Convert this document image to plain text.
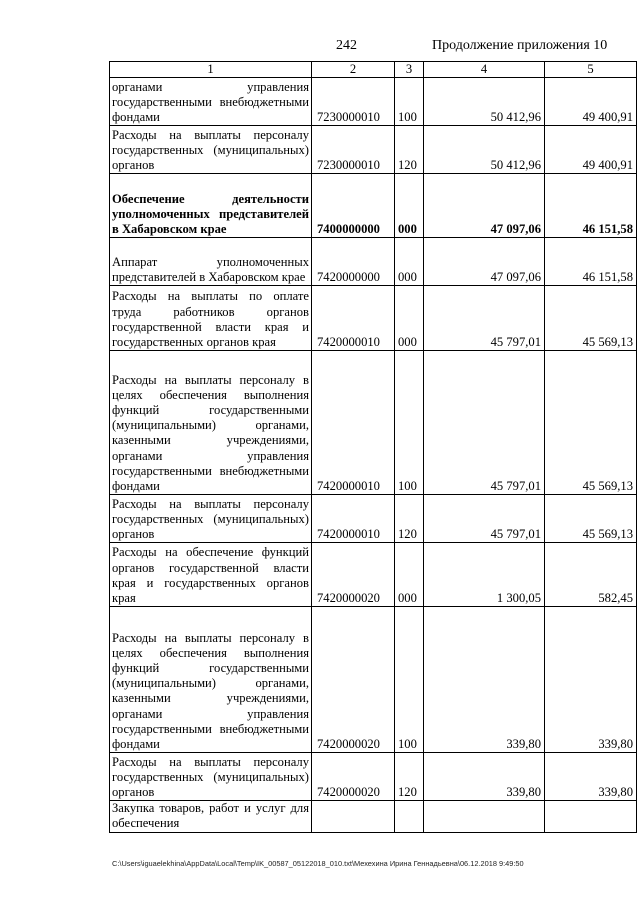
242	Продолжение приложения 10
1	2	3	4	5
органами управления государственными внебюджетными фондами	7230000010	100	50 412,96	49 400,91
Расходы на выплаты персоналу государственных (муниципальных) органов	7230000010	120	50 412,96	49 400,91
Обеспечение деятельности уполномоченных представителей в Хабаровском крае	7400000000	000	47 097,06	46 151,58
Аппарат уполномоченных представителей в Хабаровском крае	7420000000	000	47 097,06	46 151,58
Расходы на выплаты по оплате труда работников органов государственной власти края и государственных органов края	7420000010	000	45 797,01	45 569,13
Расходы на выплаты персоналу в целях обеспечения выполнения функций государственными (муниципальными) органами, казенными учреждениями, органами управления государственными внебюджетными фондами	7420000010	100	45 797,01	45 569,13
Расходы на выплаты персоналу государственных (муниципальных) органов	7420000010	120	45 797,01	45 569,13
Расходы на обеспечение функций органов государственной власти края и государственных органов края	7420000020	000	1 300,05	582,45
Расходы на выплаты персоналу в целях обеспечения выполнения функций государственными (муниципальными) органами, казенными учреждениями, органами управления государственными внебюджетными фондами	7420000020	100	339,80	339,80
Расходы на выплаты персоналу государственных (муниципальных) органов	7420000020	120	339,80	339,80
Закупка товаров, работ и услуг для обеспечения				
C:\Users\iguaelekhina\AppData\Local\Temp\IK_00587_05122018_010.txt\Мехехина Ирина Геннадьевна\06.12.2018 9:49:50
